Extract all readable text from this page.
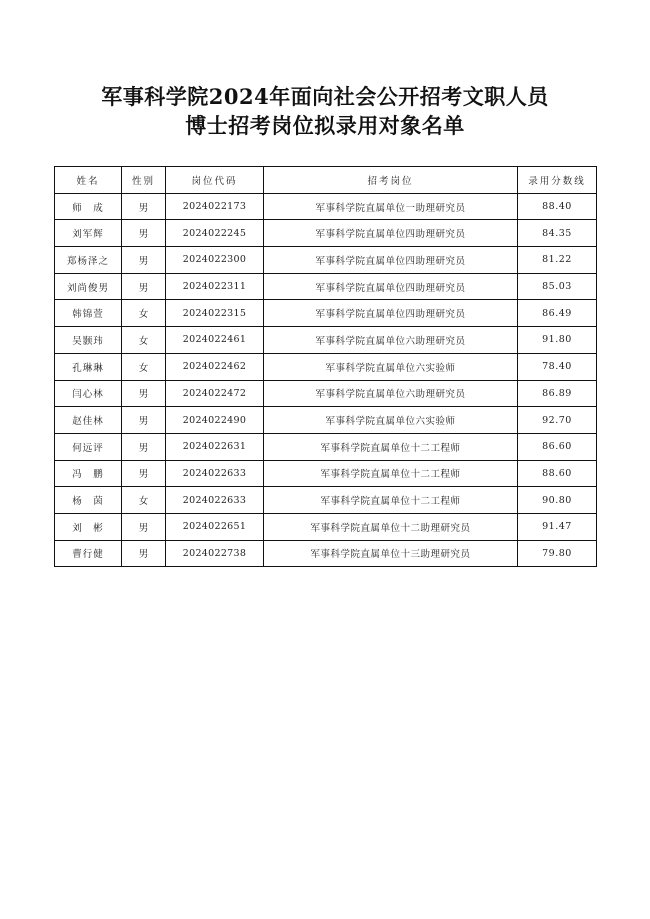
军事科学院2024年面向社会公开招考文职人员
博士招考岗位拟录用对象名单
姓名	性别	岗位代码	招考岗位	录用分数线
师　成	男	2024022173	军事科学院直属单位一助理研究员	88.40
刘军辉	男	2024022245	军事科学院直属单位四助理研究员	84.35
郑杨泽之	男	2024022300	军事科学院直属单位四助理研究员	81.22
刘尚俊男	男	2024022311	军事科学院直属单位四助理研究员	85.03
韩锦萱	女	2024022315	军事科学院直属单位四助理研究员	86.49
吴颢玮	女	2024022461	军事科学院直属单位六助理研究员	91.80
孔琳琳	女	2024022462	军事科学院直属单位六实验师	78.40
闫心林	男	2024022472	军事科学院直属单位六助理研究员	86.89
赵佳林	男	2024022490	军事科学院直属单位六实验师	92.70
何远评	男	2024022631	军事科学院直属单位十二工程师	86.60
冯　鹏	男	2024022633	军事科学院直属单位十二工程师	88.60
杨　茵	女	2024022633	军事科学院直属单位十二工程师	90.80
刘　彬	男	2024022651	军事科学院直属单位十二助理研究员	91.47
曹行健	男	2024022738	军事科学院直属单位十三助理研究员	79.80
